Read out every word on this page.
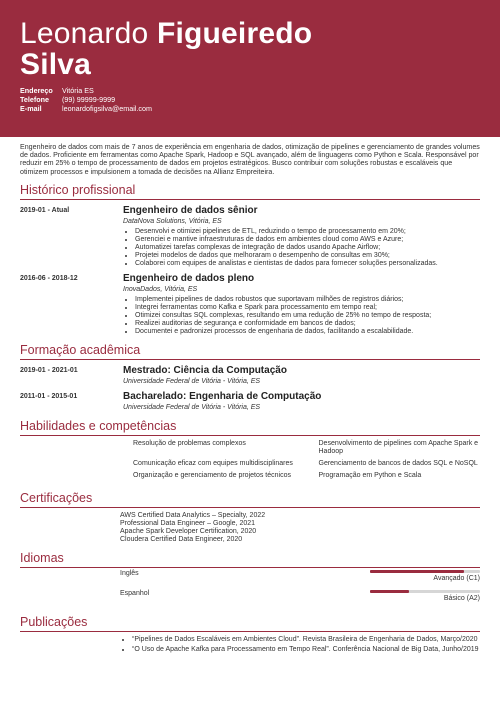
Leonardo Figueiredo
Silva
Endereço Vitória ES
Telefone (99) 99999-9999
E-mail	leonardofigsilva@email.com

Engenheiro de dados com mais de 7 anos de experiência em engenharia de dados, otimização de pipelines e gerenciamento de grandes volumes de dados. Proficiente em ferramentas como Apache Spark, Hadoop e SQL avançado, além de linguagens como Python e Scala. Responsável por reduzir em 25% o tempo de processamento de dados em projetos estratégicos. Busco contribuir com soluções robustas e escaláveis que otimizem processos e impulsionem a tomada de decisões na Allianz Empreiteira.

Histórico profissional
2019-01 - Atual	Engenheiro de dados sênior
DataNova Solutions, Vitória, ES
• Desenvolvi e otimizei pipelines de ETL, reduzindo o tempo de processamento em 20%;
• Gerenciei e mantive infraestruturas de dados em ambientes cloud como AWS e Azure;
• Automatizei tarefas complexas de integração de dados usando Apache Airflow;
• Projetei modelos de dados que melhoraram o desempenho de consultas em 30%;
• Colaborei com equipes de analistas e cientistas de dados para fornecer soluções personalizadas.
2016-06 - 2018-12	Engenheiro de dados pleno
InovaDados, Vitória, ES
• Implementei pipelines de dados robustos que suportavam milhões de registros diários;
• Integrei ferramentas como Kafka e Spark para processamento em tempo real;
• Otimizei consultas SQL complexas, resultando em uma redução de 25% no tempo de resposta;
• Realizei auditorias de segurança e conformidade em bancos de dados;
• Documentei e padronizei processos de engenharia de dados, facilitando a escalabilidade.
Formação acadêmica
2019-01 - 2021-01	Mestrado: Ciência da Computação
Universidade Federal de Vitória - Vitória, ES
2011-01 - 2015-01	Bacharelado: Engenharia de Computação
Universidade Federal de Vitória - Vitória, ES
Habilidades e competências
Resolução de problemas complexos	Desenvolvimento de pipelines com Apache Spark e Hadoop
Comunicação eficaz com equipes multidisciplinares	Gerenciamento de bancos de dados SQL e NoSQL
Organização e gerenciamento de projetos técnicos	Programação em Python e Scala
Certificações
AWS Certified Data Analytics – Specialty, 2022
Professional Data Engineer – Google, 2021
Apache Spark Developer Certification, 2020
Cloudera Certified Data Engineer, 2020
Idiomas
Inglês
Avançado (C1)
Espanhol
Básico (A2)
Publicações
• “Pipelines de Dados Escaláveis em Ambientes Cloud”. Revista Brasileira de Engenharia de Dados, Março/2020
• “O Uso de Apache Kafka para Processamento em Tempo Real”. Conferência Nacional de Big Data, Junho/2019
